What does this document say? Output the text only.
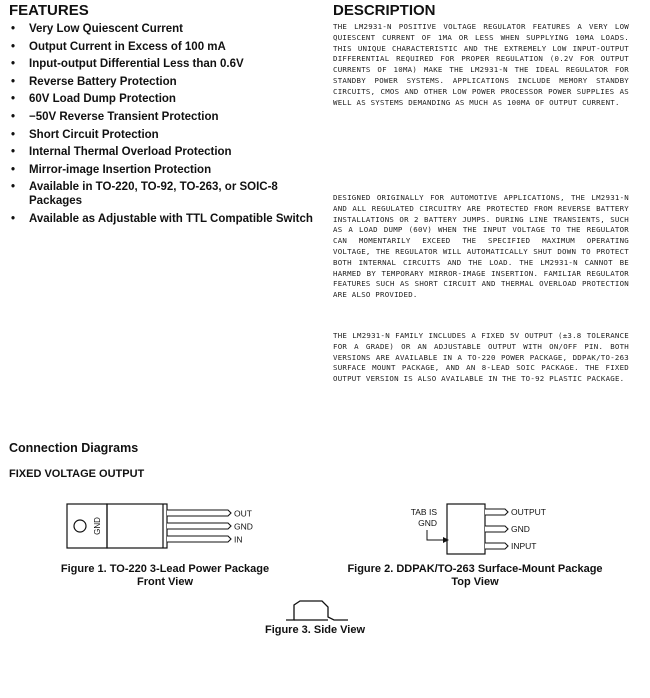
FEATURES
• Very Low Quiescent Current
• Output Current in Excess of 100 mA
• Input-output Differential Less than 0.6V
• Reverse Battery Protection
• 60V Load Dump Protection
• −50V Reverse Transient Protection
• Short Circuit Protection
• Internal Thermal Overload Protection
• Mirror-image Insertion Protection
• Available in TO-220, TO-92, TO-263, or SOIC-8 Packages
• Available as Adjustable with TTL Compatible Switch
DESCRIPTION

THE LM2931-N POSITIVE VOLTAGE REGULATOR FEATURES A VERY LOW QUIESCENT CURRENT OF 1MA OR LESS WHEN SUPPLYING 10MA LOADS. THIS UNIQUE CHARACTERISTIC AND THE EXTREMELY LOW INPUT-OUTPUT DIFFERENTIAL REQUIRED FOR PROPER REGULATION (0.2V FOR OUTPUT CURRENTS OF 10MA) MAKE THE LM2931-N THE IDEAL REGULATOR FOR STANDBY POWER SYSTEMS. APPLICATIONS INCLUDE MEMORY STANDBY CIRCUITS, CMOS AND OTHER LOW POWER PROCESSOR POWER SUPPLIES AS WELL AS SYSTEMS DEMANDING AS MUCH AS 100MA OF OUTPUT CURRENT.

DESIGNED ORIGINALLY FOR AUTOMOTIVE APPLICATIONS, THE LM2931-N AND ALL REGULATED CIRCUITRY ARE PROTECTED FROM REVERSE BATTERY INSTALLATIONS OR 2 BATTERY JUMPS. DURING LINE TRANSIENTS, SUCH AS A LOAD DUMP (60V) WHEN THE INPUT VOLTAGE TO THE REGULATOR CAN MOMENTARILY EXCEED THE SPECIFIED MAXIMUM OPERATING VOLTAGE, THE REGULATOR WILL AUTOMATICALLY SHUT DOWN TO PROTECT BOTH INTERNAL CIRCUITS AND THE LOAD. THE LM2931-N CANNOT BE HARMED BY TEMPORARY MIRROR-IMAGE INSERTION. FAMILIAR REGULATOR FEATURES SUCH AS SHORT CIRCUIT AND THERMAL OVERLOAD PROTECTION ARE ALSO PROVIDED.

THE LM2931-N FAMILY INCLUDES A FIXED 5V OUTPUT (±3.8 TOLERANCE FOR A GRADE) OR AN ADJUSTABLE OUTPUT WITH ON/OFF PIN. BOTH VERSIONS ARE AVAILABLE IN A TO-220 POWER PACKAGE, DDPAK/TO-263 SURFACE MOUNT PACKAGE, AND AN 8-LEAD SOIC PACKAGE. THE FIXED OUTPUT VERSION IS ALSO AVAILABLE IN THE TO-92 PLASTIC PACKAGE.

Connection Diagrams
FIXED VOLTAGE OUTPUT
GND
OUT
GND
IN
Figure 1. TO-220 3-Lead Power Package
Front View
TAB IS
GND
OUTPUT
GND
INPUT
Figure 2. DDPAK/TO-263 Surface-Mount Package
Top View
Figure 3. Side View
